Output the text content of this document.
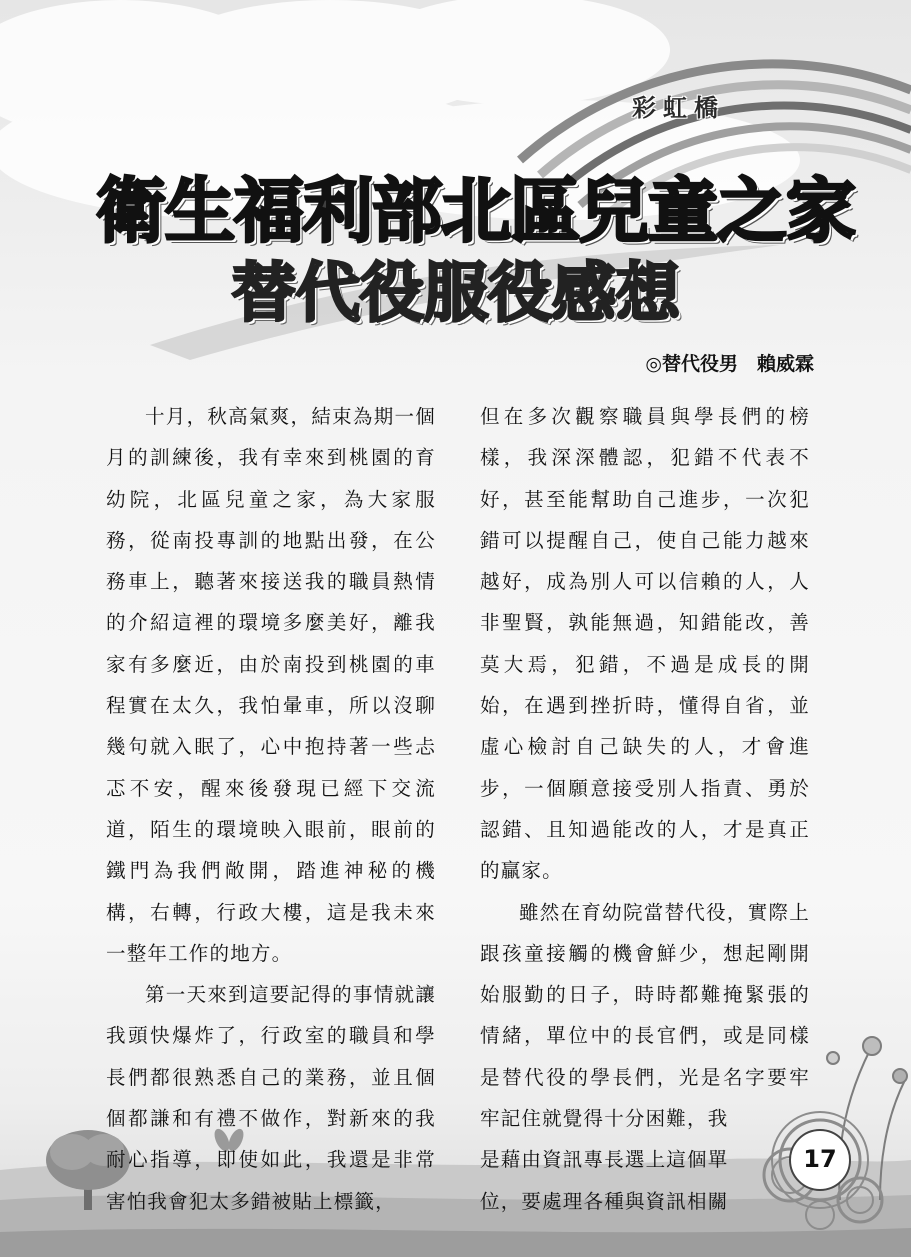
彩虹橋
衛生福利部北區兒童之家
替代役服役感想
◎替代役男　賴威霖

十月，秋高氣爽，結束為期一個月的訓練後，我有幸來到桃園的育幼院，北區兒童之家，為大家服務，從南投專訓的地點出發，在公務車上，聽著來接送我的職員熱情的介紹這裡的環境多麼美好，離我家有多麼近，由於南投到桃園的車程實在太久，我怕暈車，所以沒聊幾句就入眠了，心中抱持著一些忐忑不安，醒來後發現已經下交流道，陌生的環境映入眼前，眼前的鐵門為我們敞開，踏進神秘的機構，右轉，行政大樓，這是我未來一整年工作的地方。

第一天來到這要記得的事情就讓我頭快爆炸了，行政室的職員和學長們都很熟悉自己的業務，並且個個都謙和有禮不做作，對新來的我耐心指導，即使如此，我還是非常害怕我會犯太多錯被貼上標籤，

但在多次觀察職員與學長們的榜樣，我深深體認，犯錯不代表不好，甚至能幫助自己進步，一次犯錯可以提醒自己，使自己能力越來越好，成為別人可以信賴的人，人非聖賢，孰能無過，知錯能改，善莫大焉，犯錯，不過是成長的開始，在遇到挫折時，懂得自省，並虛心檢討自己缺失的人，才會進步，一個願意接受別人指責、勇於認錯、且知過能改的人，才是真正的贏家。

雖然在育幼院當替代役，實際上跟孩童接觸的機會鮮少，想起剛開始服勤的日子，時時都難掩緊張的情緒，單位中的長官們，或是同樣是替代役的學長們，光是名字要牢牢記住就覺得十分困難，我

是藉由資訊專長選上這個單

位，要處理各種與資訊相關

17
